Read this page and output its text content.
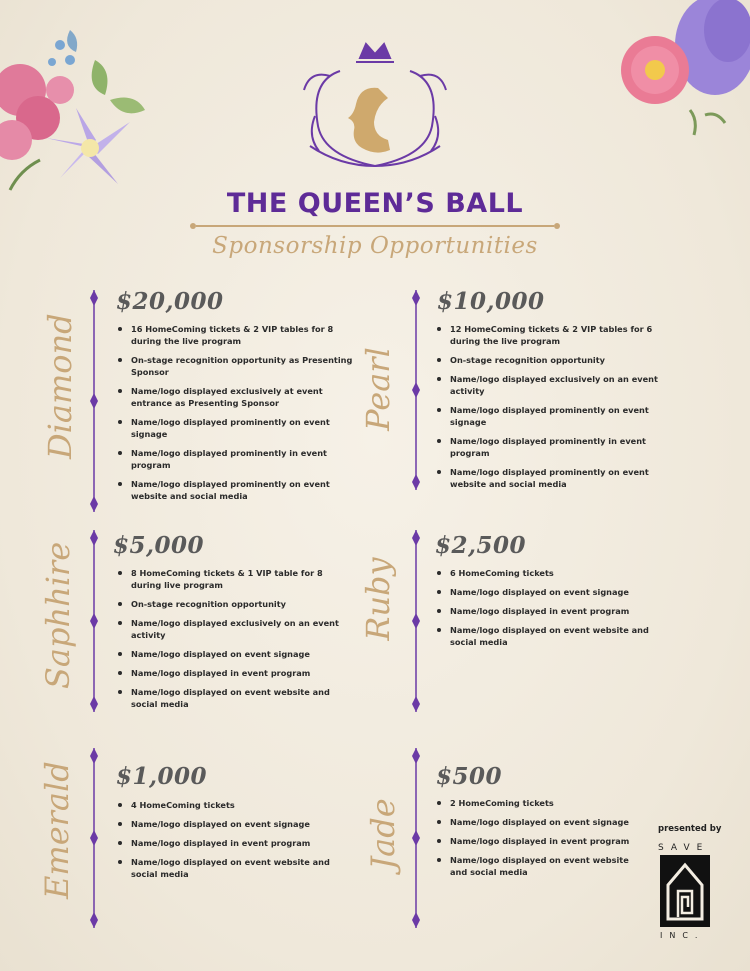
THE QUEEN’S BALL
Sponsorship Opportunities
Diamond
$20,000
16 HomeComing tickets & 2 VIP tables for 8 during the live program
On-stage recognition opportunity as Presenting Sponsor
Name/logo displayed exclusively at event entrance as Presenting Sponsor
Name/logo displayed prominently on event signage
Name/logo displayed prominently in event program
Name/logo displayed prominently on event website and social media
Pearl
$10,000
12 HomeComing tickets & 2 VIP tables for 6 during the live program
On-stage recognition opportunity
Name/logo displayed exclusively on an event activity
Name/logo displayed prominently on event signage
Name/logo displayed prominently in event program
Name/logo displayed prominently on event website and social media
Saphhire $5,000
8 HomeComing tickets & 1 VIP table for 8 during live program
On-stage recognition opportunity
Name/logo displayed exclusively on an event activity
Name/logo displayed on event signage
Name/logo displayed in event program
Name/logo displayed on event website and social media
Ruby
$2,500
6 HomeComing tickets
Name/logo displayed on event signage
Name/logo displayed in event program
Name/logo displayed on event website and social media
Emerald $1,000
4 HomeComing tickets
Name/logo displayed on event signage
Name/logo displayed in event program
Name/logo displayed on event website and social media
Jade
$500
2 HomeComing tickets
Name/logo displayed on event signage
Name/logo displayed in event program
Name/logo displayed on event website and social media
presented by
SAVE
INC.
